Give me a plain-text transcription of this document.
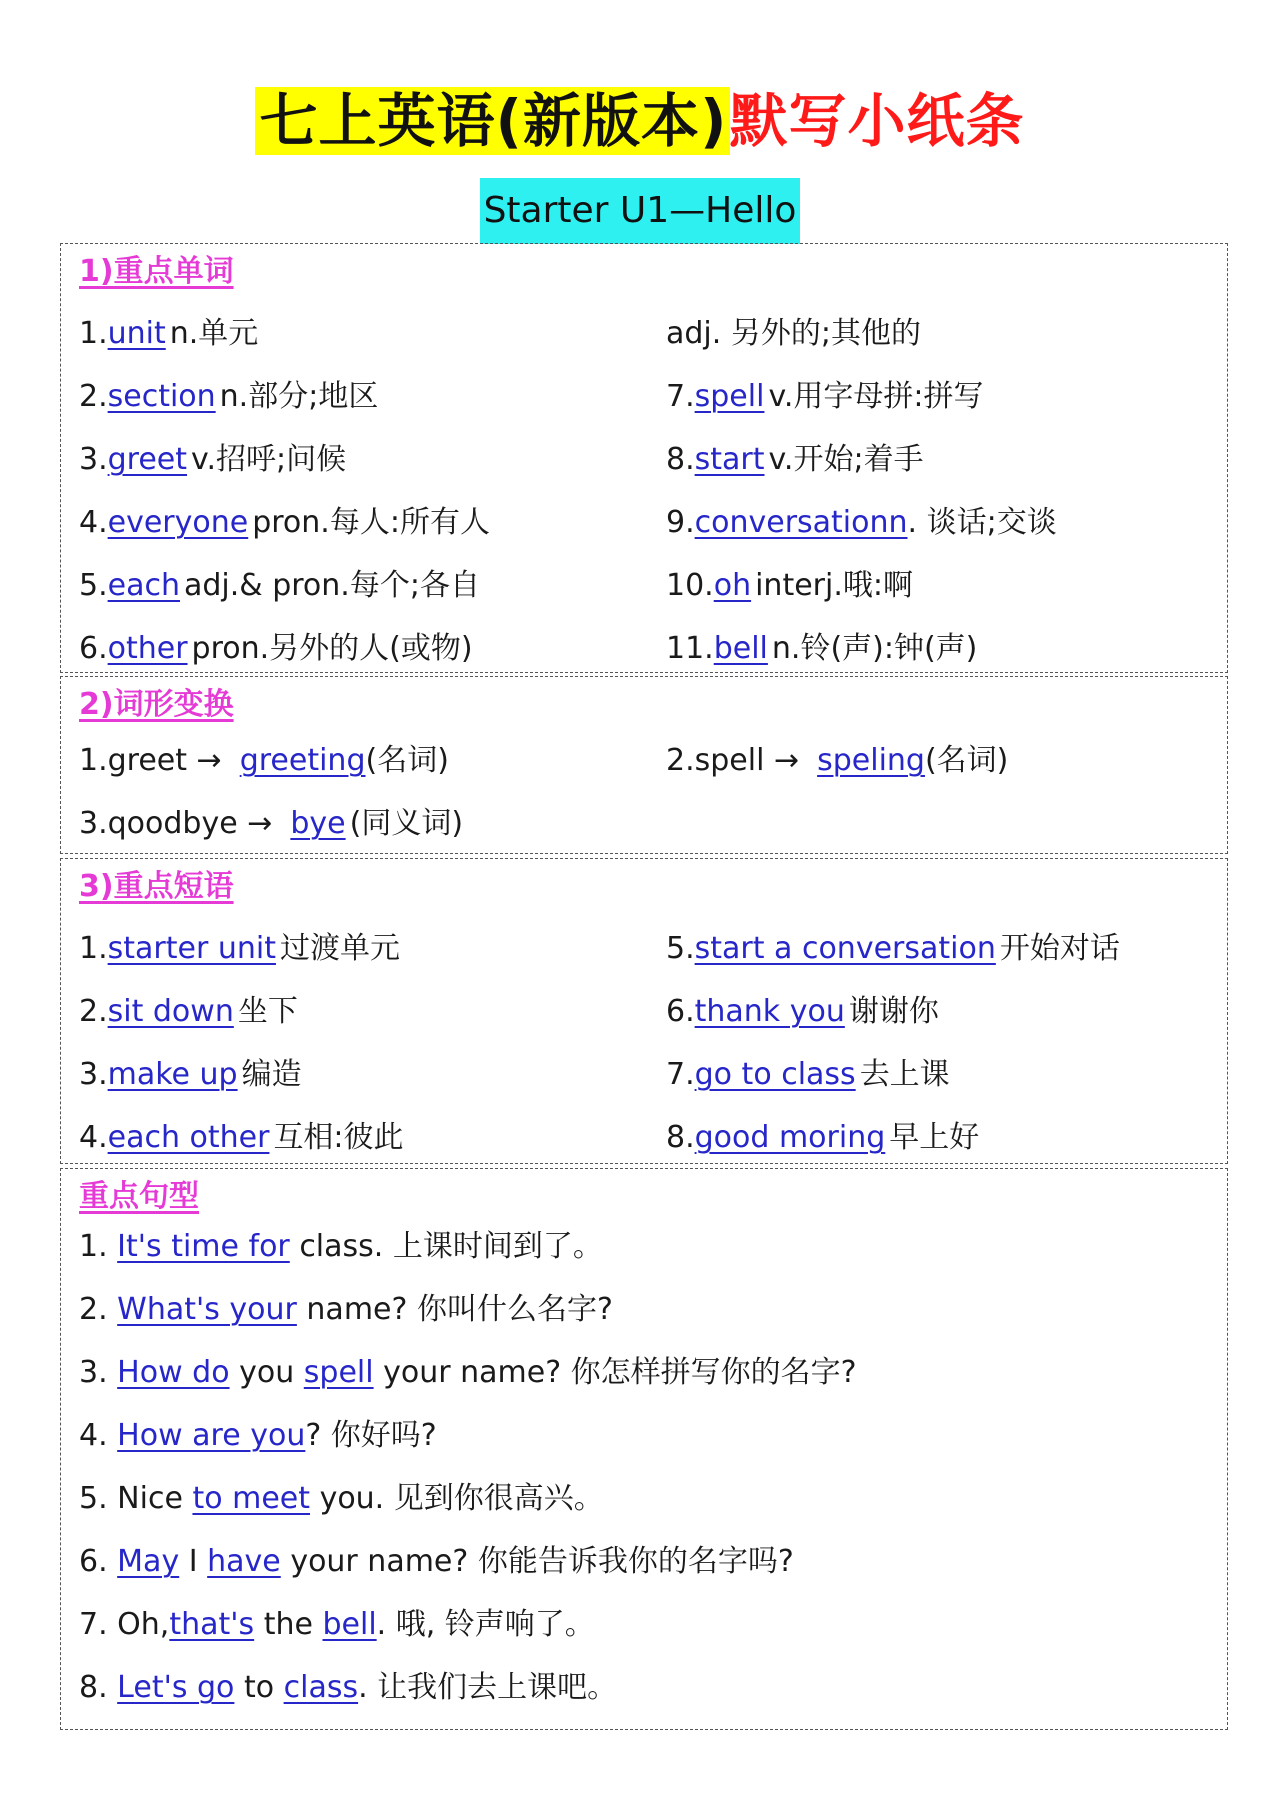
七上英语(新版本)默写小纸条
Starter U1—Hello
1)重点单词
1.unit n.单元
2.section n.部分;地区
3.greet v.招呼;问候
4.everyone pron.每人:所有人
5.each adj.& pron.每个;各自
6.other pron.另外的人(或物)
adj. 另外的;其他的
7.spell v.用字母拼:拼写
8.start v.开始;着手
9.conversationn. 谈话;交谈
10.oh interj.哦:啊
11.bell n.铃(声):钟(声)
2)词形变换
1.greet → greeting(名词)	2.spell → speling(名词)
3.qoodbye → bye (同义词)
3)重点短语
1.starter unit 过渡单元
2.sit down 坐下
3.make up 编造
4.each other 互相:彼此
5.start a conversation 开始对话
6.thank you 谢谢你
7.go to class 去上课
8.good moring 早上好
重点句型
1. It's time for class. 上课时间到了。
2. What's your name? 你叫什么名字?
3. How do you spell your name? 你怎样拼写你的名字?
4. How are you? 你好吗?
5. Nice to meet you. 见到你很高兴。
6. May I have your name? 你能告诉我你的名字吗?
7. Oh,that's the bell. 哦, 铃声响了。
8. Let's go to class. 让我们去上课吧。
